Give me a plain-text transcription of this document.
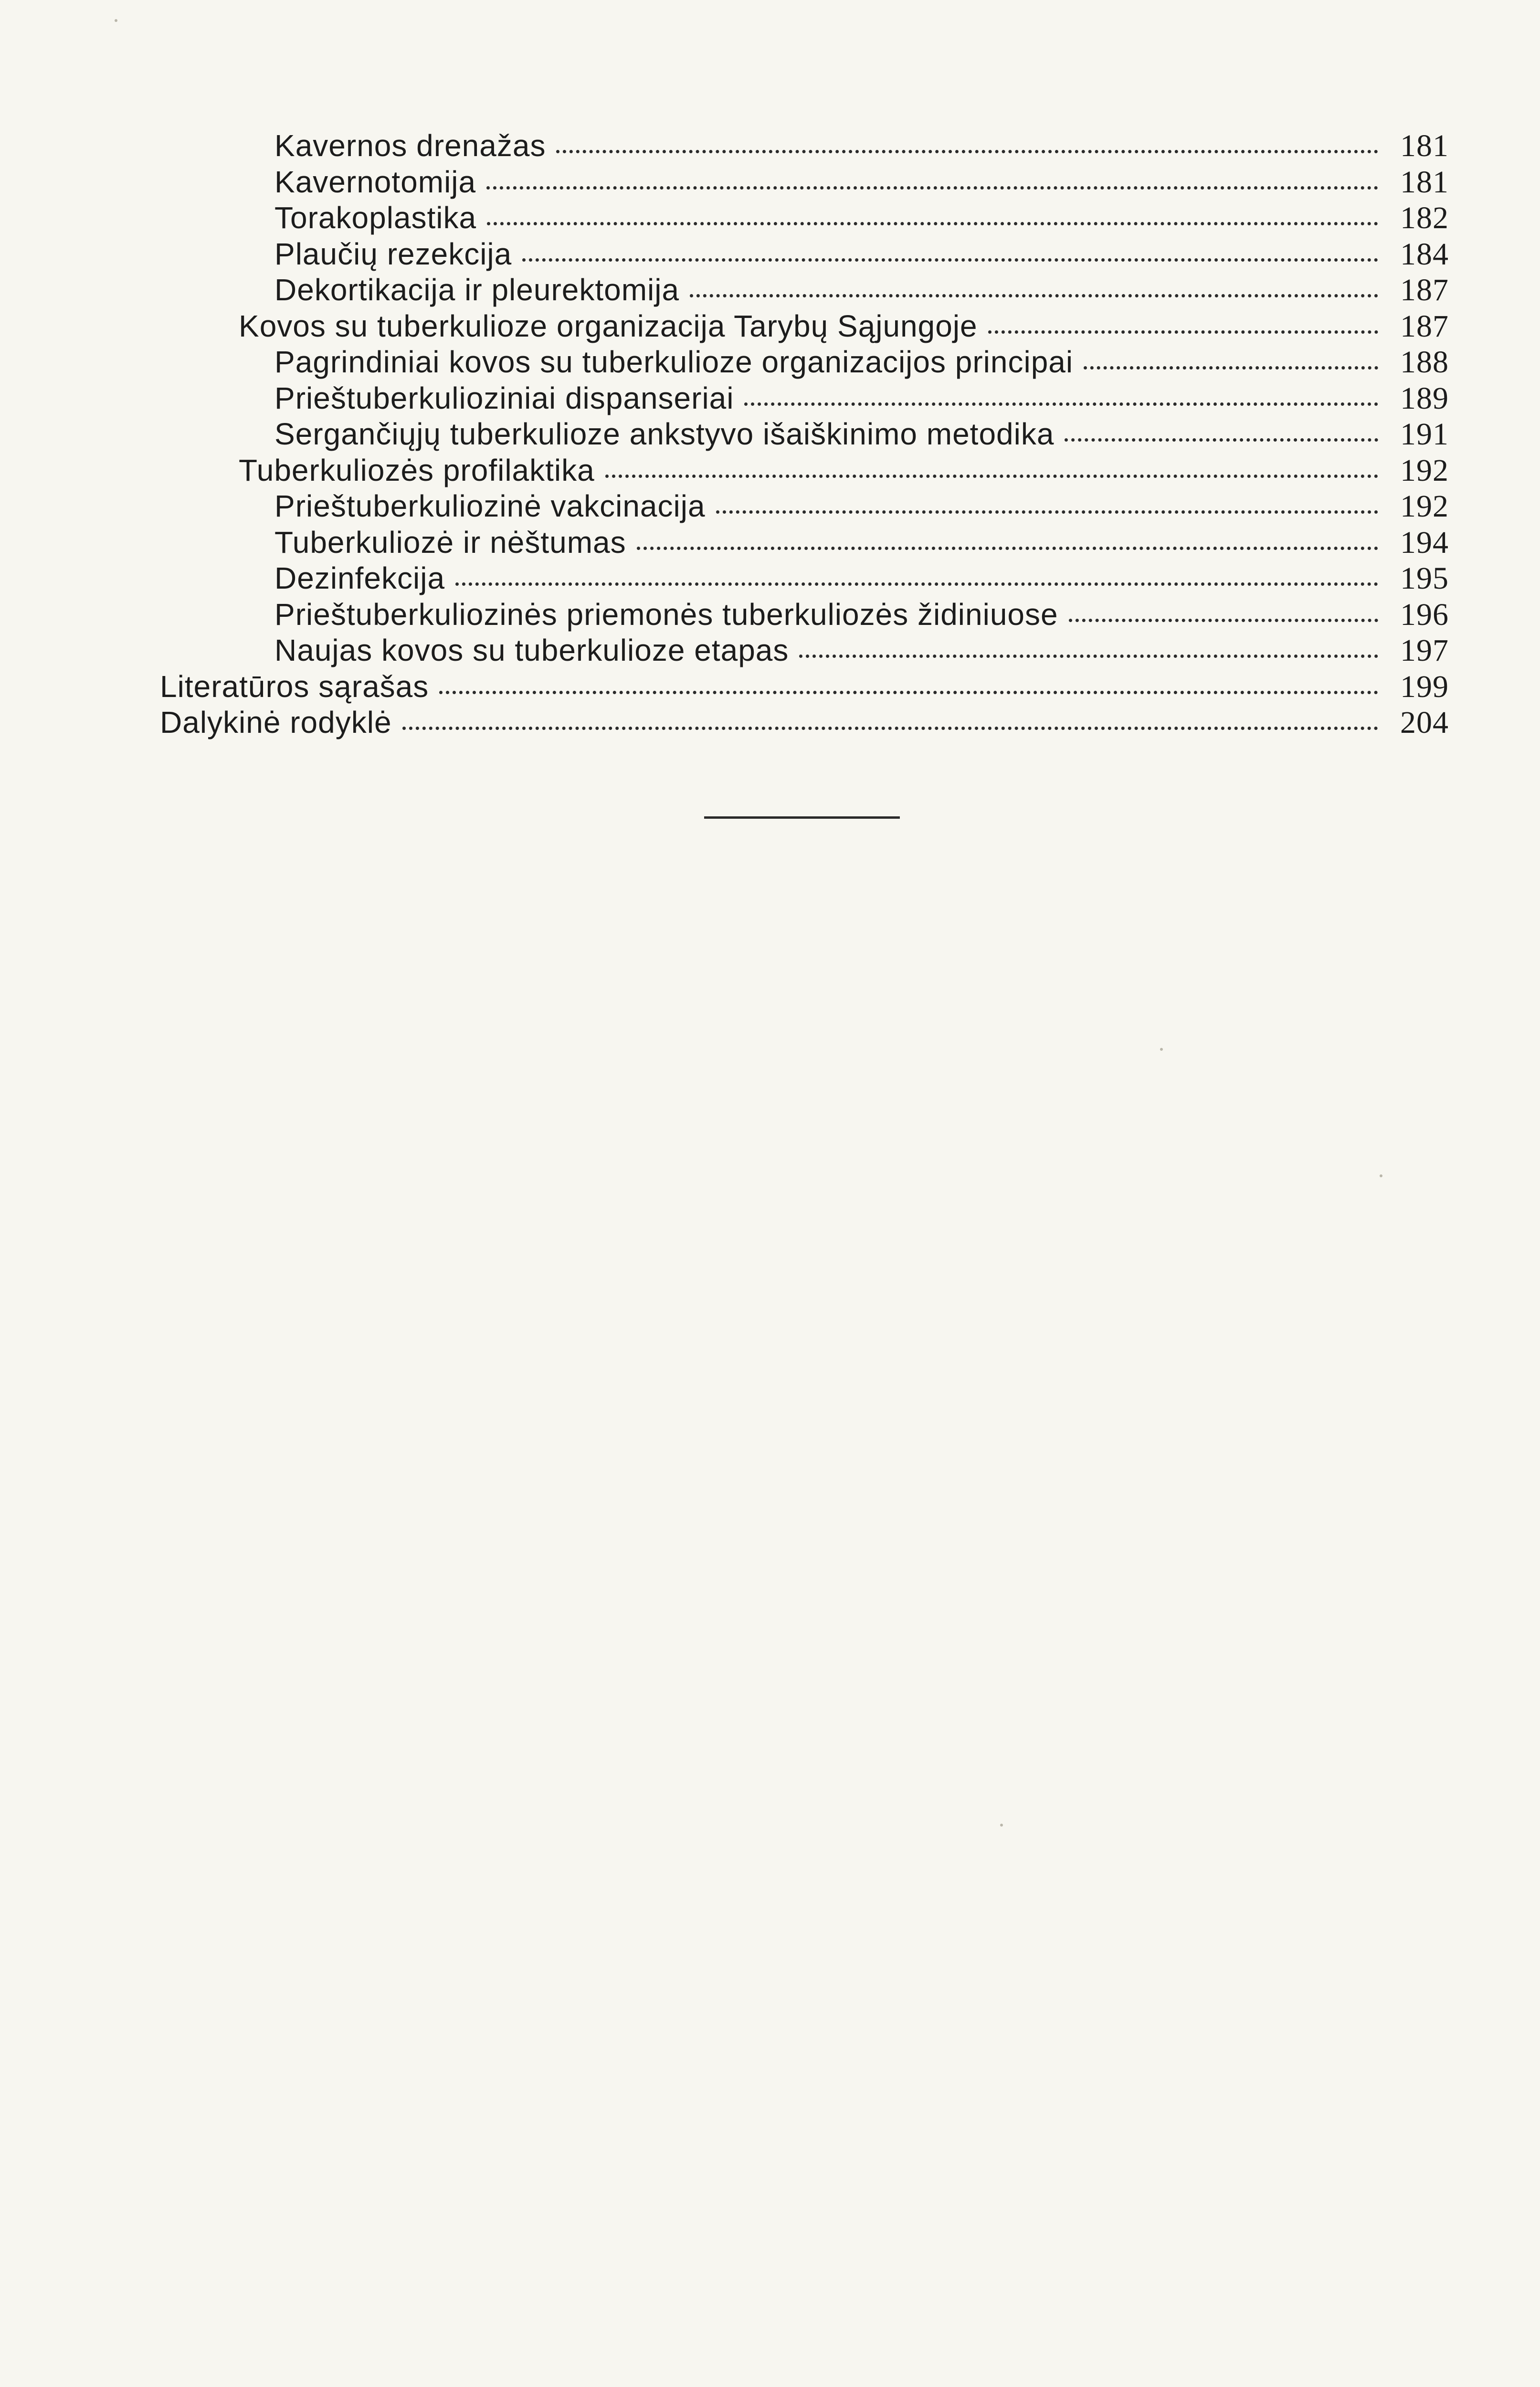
Kavernos drenažas	181
Kavernotomija	181
Torakoplastika	182
Plaučių rezekcija	184
Dekortikacija ir pleurektomija	187
Kovos su tuberkulioze organizacija Tarybų Sąjungoje	187
Pagrindiniai kovos su tuberkulioze organizacijos principai	188
Prieštuberkulioziniai dispanseriai	189
Sergančiųjų tuberkulioze ankstyvo išaiškinimo metodika	191
Tuberkuliozės profilaktika	192
Prieštuberkuliozinė vakcinacija	192
Tuberkuliozė ir nėštumas	194
Dezinfekcija	195
Prieštuberkuliozinės priemonės tuberkuliozės židiniuose	196
Naujas kovos su tuberkulioze etapas	197
Literatūros sąrašas	199
Dalykinė rodyklė	204
